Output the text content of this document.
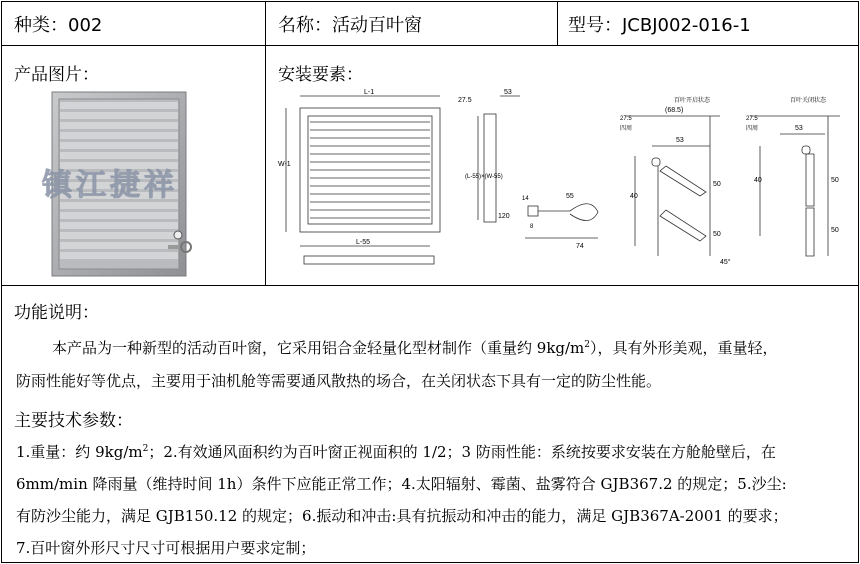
种类：002	名称：活动百叶窗	型号：JCBJ002-016-1
产品图片：	安装要素：
镇江捷祥
L-1
W-1
L-55
27.5
53
(L-55)×(W-55)
120
55
14
8
74
百叶开启状态
27.5
四周
(68.5)
53
40
50
50
45°
百叶关闭状态
27.5
四周	53
40	50
50
功能说明：
本产品为一种新型的活动百叶窗，它采用铝合金轻量化型材制作（重量约 $9kg/m^2$），具有外形美观，重量轻，
防雨性能好等优点，主要用于油机舱等需要通风散热的场合，在关闭状态下具有一定的防尘性能。
主要技术参数：
1.重量：约 $9kg/m^2$；2.有效通风面积约为百叶窗正视面积的 1/2；3 防雨性能：系统按要求安装在方舱舱壁后，在
6mm/min 降雨量（维持时间 1h）条件下应能正常工作；4.太阳辐射、霉菌、盐雾符合 GJB367.2 的规定；5.沙尘:
有防沙尘能力，满足 GJB150.12 的规定；6.振动和冲击:具有抗振动和冲击的能力，满足 GJB367A-2001 的要求；
7.百叶窗外形尺寸尺寸可根据用户要求定制；
